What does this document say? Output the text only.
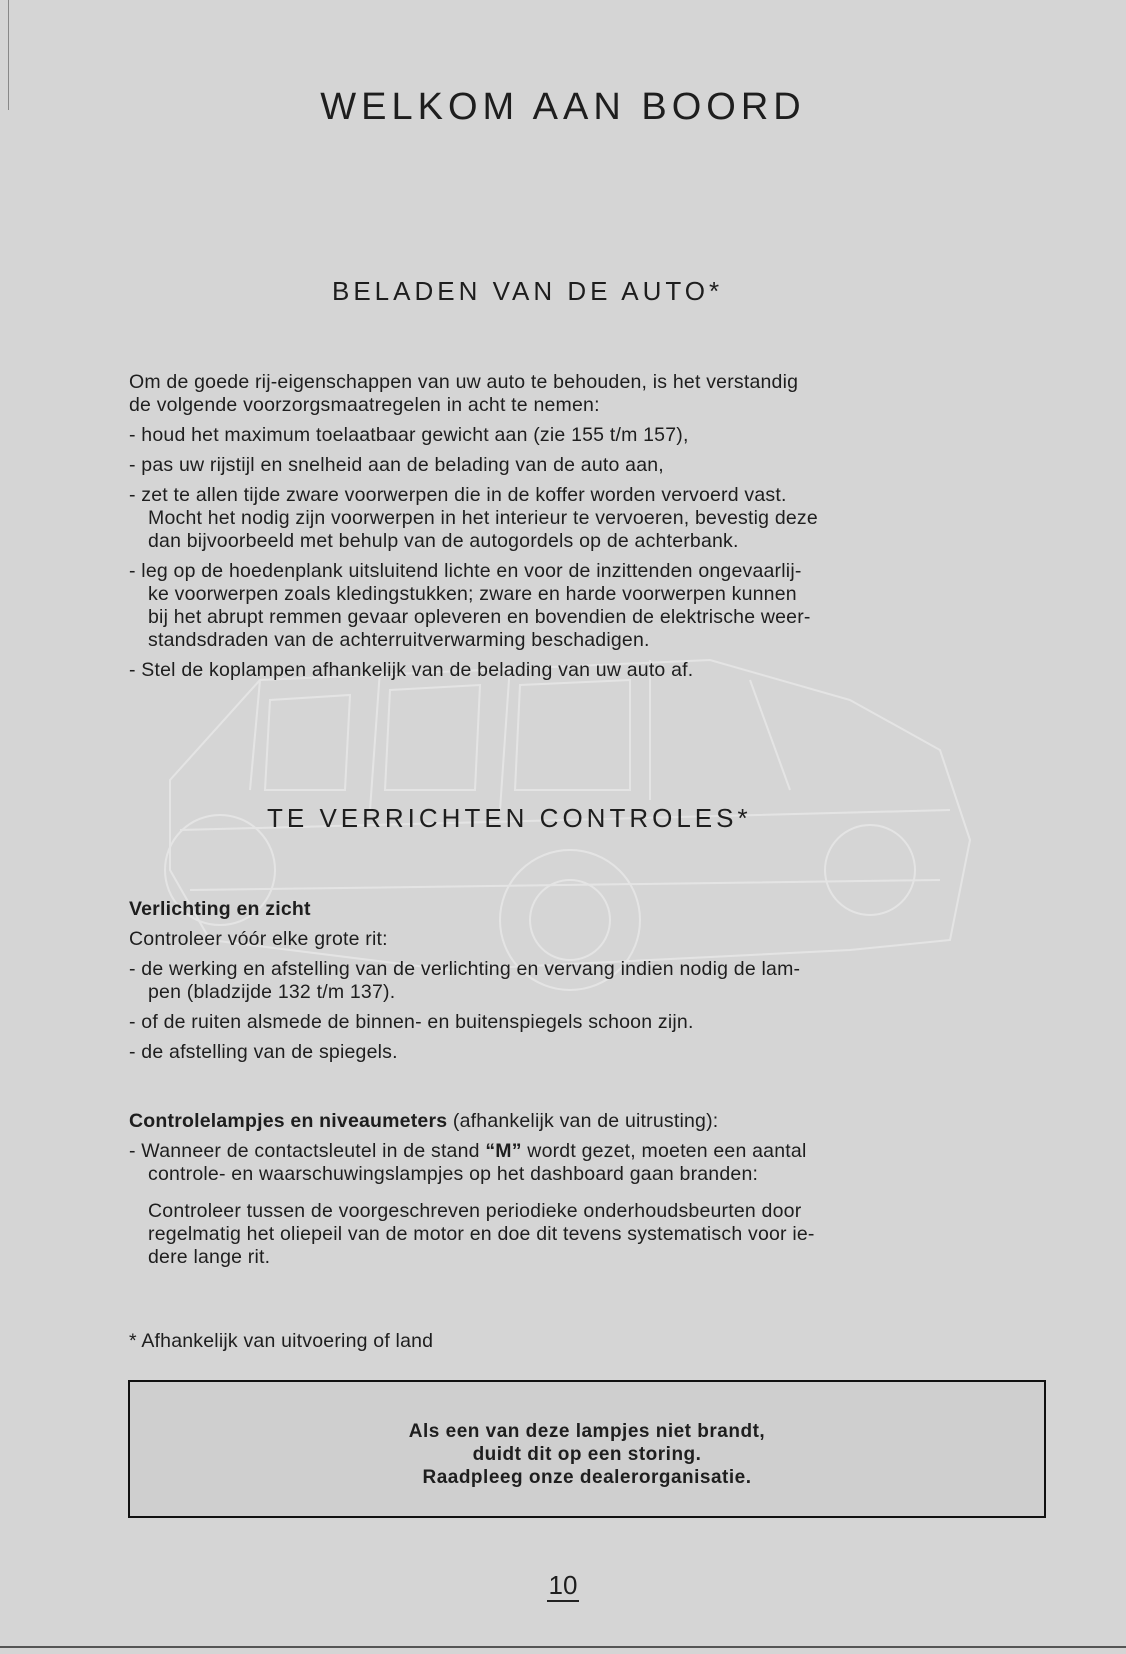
WELKOM AAN BOORD
BELADEN VAN DE AUTO*
Om de goede rij-eigenschappen van uw auto te behouden, is het verstandig
de volgende voorzorgsmaatregelen in acht te nemen:
- houd het maximum toelaatbaar gewicht aan (zie 155 t/m 157),
- pas uw rijstijl en snelheid aan de belading van de auto aan,
- zet te allen tijde zware voorwerpen die in de koffer worden vervoerd vast.
Mocht het nodig zijn voorwerpen in het interieur te vervoeren, bevestig deze
dan bijvoorbeeld met behulp van de autogordels op de achterbank.
- leg op de hoedenplank uitsluitend lichte en voor de inzittenden ongevaarlij-
ke voorwerpen zoals kledingstukken; zware en harde voorwerpen kunnen
bij het abrupt remmen gevaar opleveren en bovendien de elektrische weer-
standsdraden van de achterruitverwarming beschadigen.
- Stel de koplampen afhankelijk van de belading van uw auto af.
TE VERRICHTEN CONTROLES*
Verlichting en zicht
Controleer vóór elke grote rit:
- de werking en afstelling van de verlichting en vervang indien nodig de lam-
pen (bladzijde 132 t/m 137).
- of de ruiten alsmede de binnen- en buitenspiegels schoon zijn.
- de afstelling van de spiegels.
Controlelampjes en niveaumeters (afhankelijk van de uitrusting):
- Wanneer de contactsleutel in de stand “M” wordt gezet, moeten een aantal
controle- en waarschuwingslampjes op het dashboard gaan branden:
Controleer tussen de voorgeschreven periodieke onderhoudsbeurten door
regelmatig het oliepeil van de motor en doe dit tevens systematisch voor ie-
dere lange rit.
* Afhankelijk van uitvoering of land
Als een van deze lampjes niet brandt,
duidt dit op een storing.
Raadpleeg onze dealerorganisatie.
10
